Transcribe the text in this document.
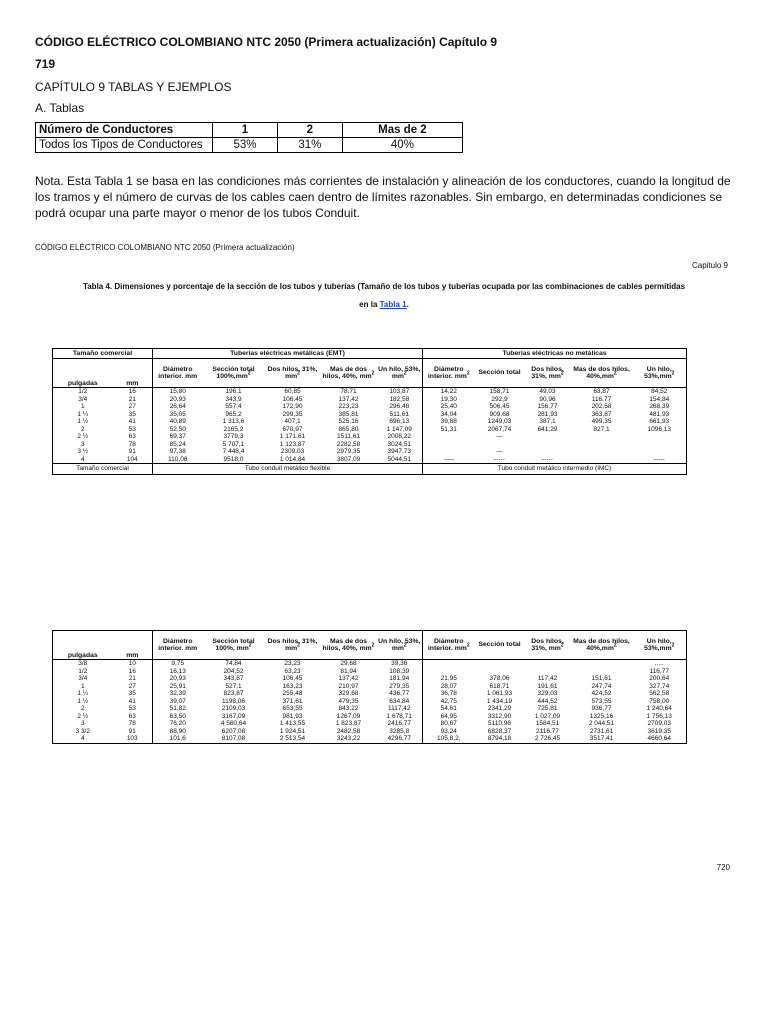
CÓDIGO ELÉCTRICO COLOMBIANO NTC 2050 (Primera actualización) Capítulo 9
719
CAPÍTULO 9 TABLAS Y EJEMPLOS
A. Tablas
Número de Conductores	1	2	Mas de 2
Todos los Tipos de Conductores	53%	31%	40%
Nota. Esta Tabla 1 se basa en las condiciones más corrientes de instalación y alineación de los conductores, cuando la longitud de los tramos y el número de curvas de los cables caen dentro de límites razonables. Sin embargo, en determinadas condiciones se podrá ocupar una parte mayor o menor de los tubos Conduit.
CÓDIGO ELÉCTRICO COLOMBIANO NTC 2050 (Primera actualización)
Capitulo 9
Tabla 4. Dimensiones y porcentaje de la sección de los tubos y tuberías (Tamaño de los tubos y tuberías ocupada por las combinaciones de cables permitidas
en la Tabla 1.
Tamaño comercial		Tuberías eléctricas metálicas (EMT)					Tuberías eléctricas no metálicas				
pulgadas	mm	Diámetro interior. mm	Sección total $100\%,mm^2$	Dos hilos, 31%, $mm^2$	Mas de dos hilos, 40%, $mm^2$	Un hilo, 53%, $mm^2$	Diámetro interior. $mm^2$	Sección total	Dos hilos, 31%, $mm^2$	Mas de dos hilos, $40\%,mm^2$	Un hilo, $53\%,mm^2$
1/2	16	15,80	196,1	60,85	78,71	103,87	14,22	158,71	49,03	63,87	84,52
3/4	21	20,93	343,9	106,45	137,42	182,58	19,30	292,9	90,96	116,77	154,84
1	27	26,64	557,4	172,90	223,23	296,48	25,40	506,45	156,77	202,58	268,39
1 ¼	35	35,05	965,2	299,35	385,81	511,61	34,04	909,68	281,93	363,87	481,93
1 ½	41	40,89	1 313,6	407,1	525,16	696,13	39,88	1249,03	387,1	499,35	661,93
2	53	52,50	2165,2	670,97	865,80	1 147,09	51,31	2067,74	641,29	827,1	1096,13
2 ½	63	69,37	3779,3	1 171,61	1511,61	2008,22		—			
3	78	85,24	5 707,1	1 123,87	2282,58	3024,51					
3 ½	91	97,38	7 448,4	2309,03	2979,35	3947,73		—			
4	104	110,08	9518,0	1 014,84	3807,09	5044,51	-----	-----	-----		-----
Tamaño comercial		Tubo conduit metálico flexible					Tubo conduit metálico intermedio (IMC)				
pulgadas	mm	Diámetro interior. mm	Sección total 100%, $mm^2$	Dos hilos, 31%, $mm^2$	Mas de dos hilos, 40%, $mm^2$	Un hilo, 53%, $mm^2$	Diámetro interior. $mm^2$	Sección total	Dos hilos, 31%, $mm^2$	Mas de dos hilos, $40\%,mm^2$	Un hilo, $53\%,mm^2$
3/8	10	9,75	74,84	23,23	29,68	39,36					.....
1/2	16	16,13	204,52	63,23	81,94	108,39					116,77
3/4	21	20,93	343,87	106,45	137,42	181,94	21,95	378,06	117,42	151,61	200,64
1	27	25,91	527,1	163,23	210,97	279,35	28,07	618,71	191,61	247,74	327,74
1 ¼	35	32,39	823,87	255,48	329,68	436,77	36,78	1 061,93	329,03	424,52	562,58
1 ½	41	39,07	1198,06	371,61	479,35	634,84	42,75	1 434,19	444,52	573,55	758,00
2	53	51,82	2109,03	653,55	843,22	1117,42	54,61	2341,29	725,81	936,77	1 240,64
2 ½	63	63,50	3167,09	981,93	1267,09	1 678,71	64,95	3312,90	1 027,09	1325,16	1 756,13
3	78	76,20	4 560,64	1 413,55	1 823,87	2416,77	80,67	5110,96	1584,51	2 044,51	2709,03
3 3/2	91	88,90	6207,08	1 924,51	2482,58	3285,8	93,24	6828,37	2116,77	2731,61	3619,35
4	103	101,6	8107,08	2 513,54	3243,22	4296,77	105,8,2,	8794,18	2 726,45	3517,41	4660,64
720
